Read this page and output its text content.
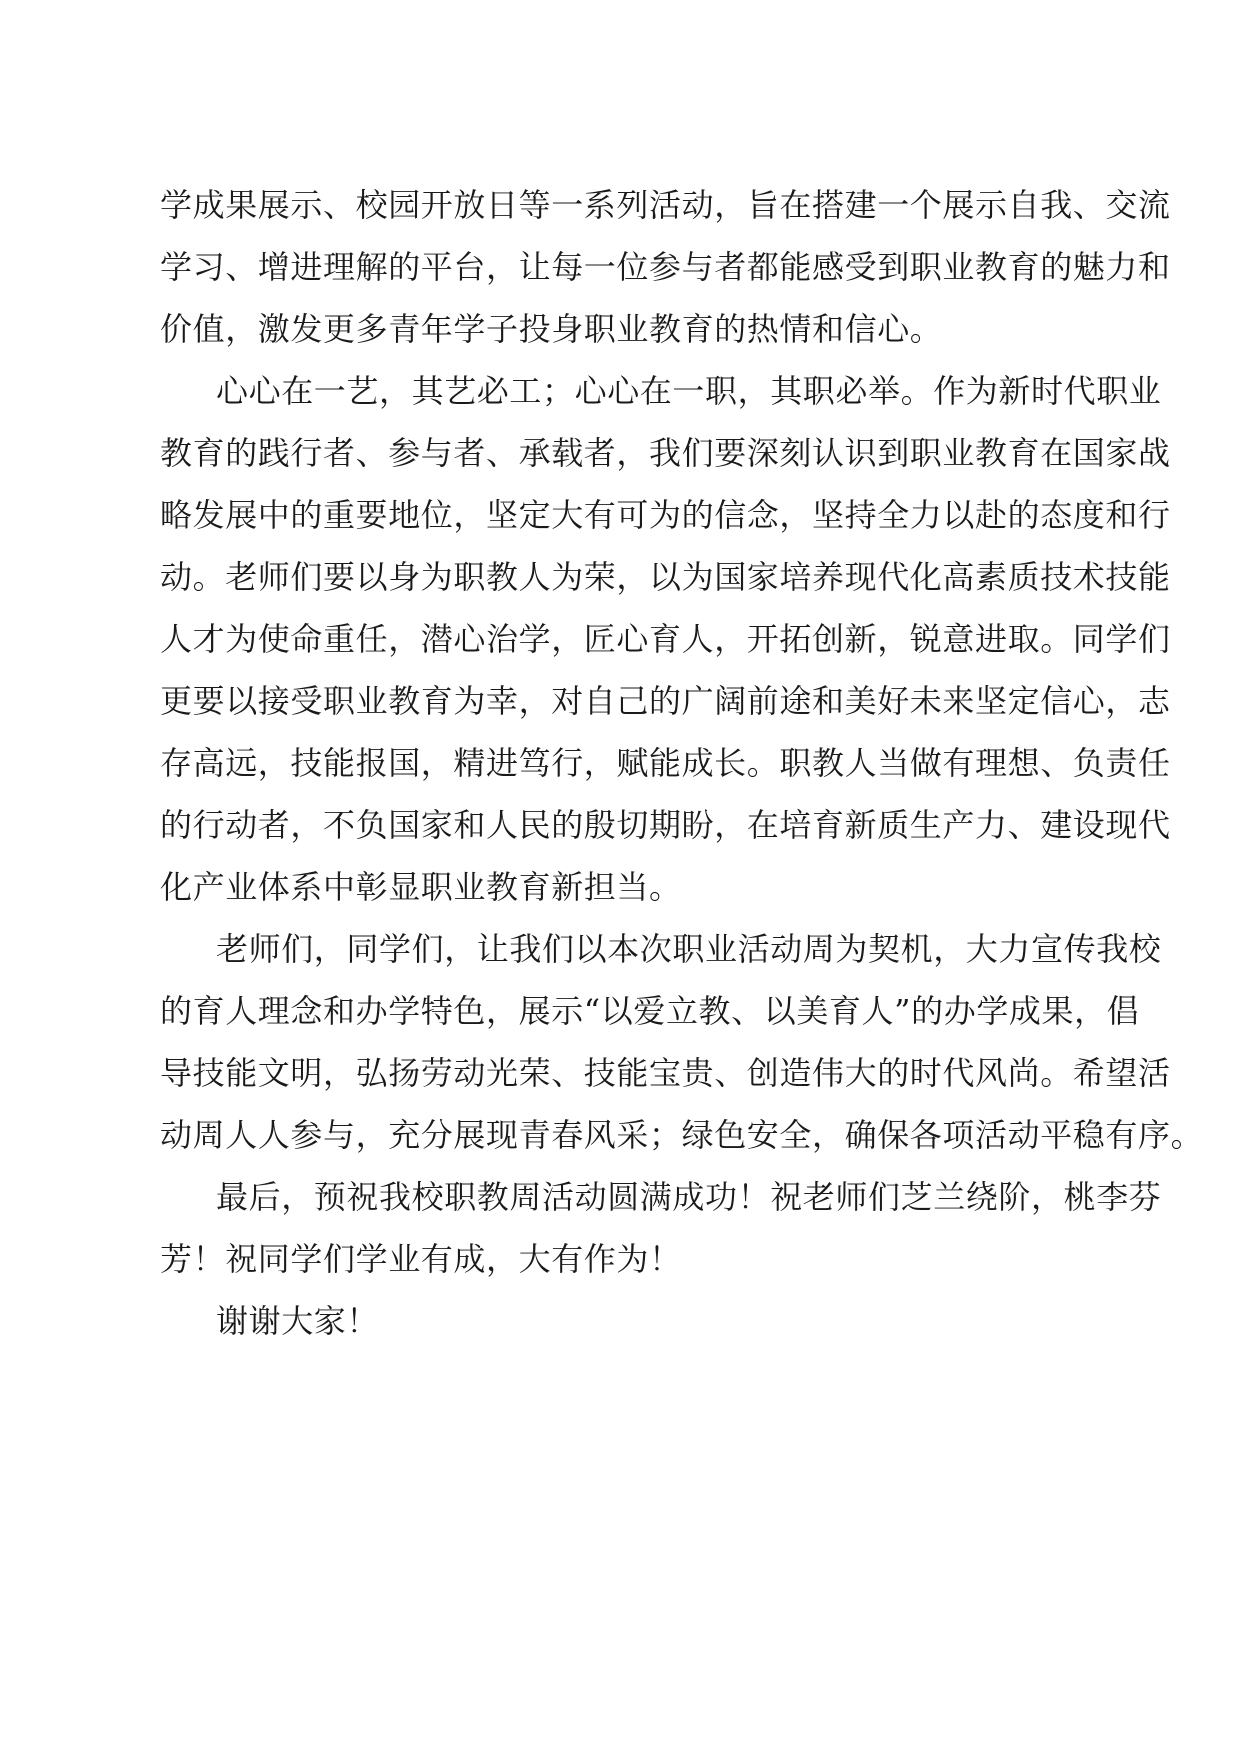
学成果展示、校园开放日等一系列活动，旨在搭建一个展示自我、交流
学习、增进理解的平台，让每一位参与者都能感受到职业教育的魅力和
价值，激发更多青年学子投身职业教育的热情和信心。
心心在一艺，其艺必工；心心在一职，其职必举。作为新时代职业
教育的践行者、参与者、承载者，我们要深刻认识到职业教育在国家战
略发展中的重要地位，坚定大有可为的信念，坚持全力以赴的态度和行
动。老师们要以身为职教人为荣，以为国家培养现代化高素质技术技能
人才为使命重任，潜心治学，匠心育人，开拓创新，锐意进取。同学们
更要以接受职业教育为幸，对自己的广阔前途和美好未来坚定信心，志
存高远，技能报国，精进笃行，赋能成长。职教人当做有理想、负责任
的行动者，不负国家和人民的殷切期盼，在培育新质生产力、建设现代
化产业体系中彰显职业教育新担当。
老师们，同学们，让我们以本次职业活动周为契机，大力宣传我校
的育人理念和办学特色，展示“以爱立教、以美育人”的办学成果，倡
导技能文明，弘扬劳动光荣、技能宝贵、创造伟大的时代风尚。希望活
动周人人参与，充分展现青春风采；绿色安全，确保各项活动平稳有序。
最后，预祝我校职教周活动圆满成功！祝老师们芝兰绕阶，桃李芬
芳！祝同学们学业有成，大有作为！
谢谢大家！
